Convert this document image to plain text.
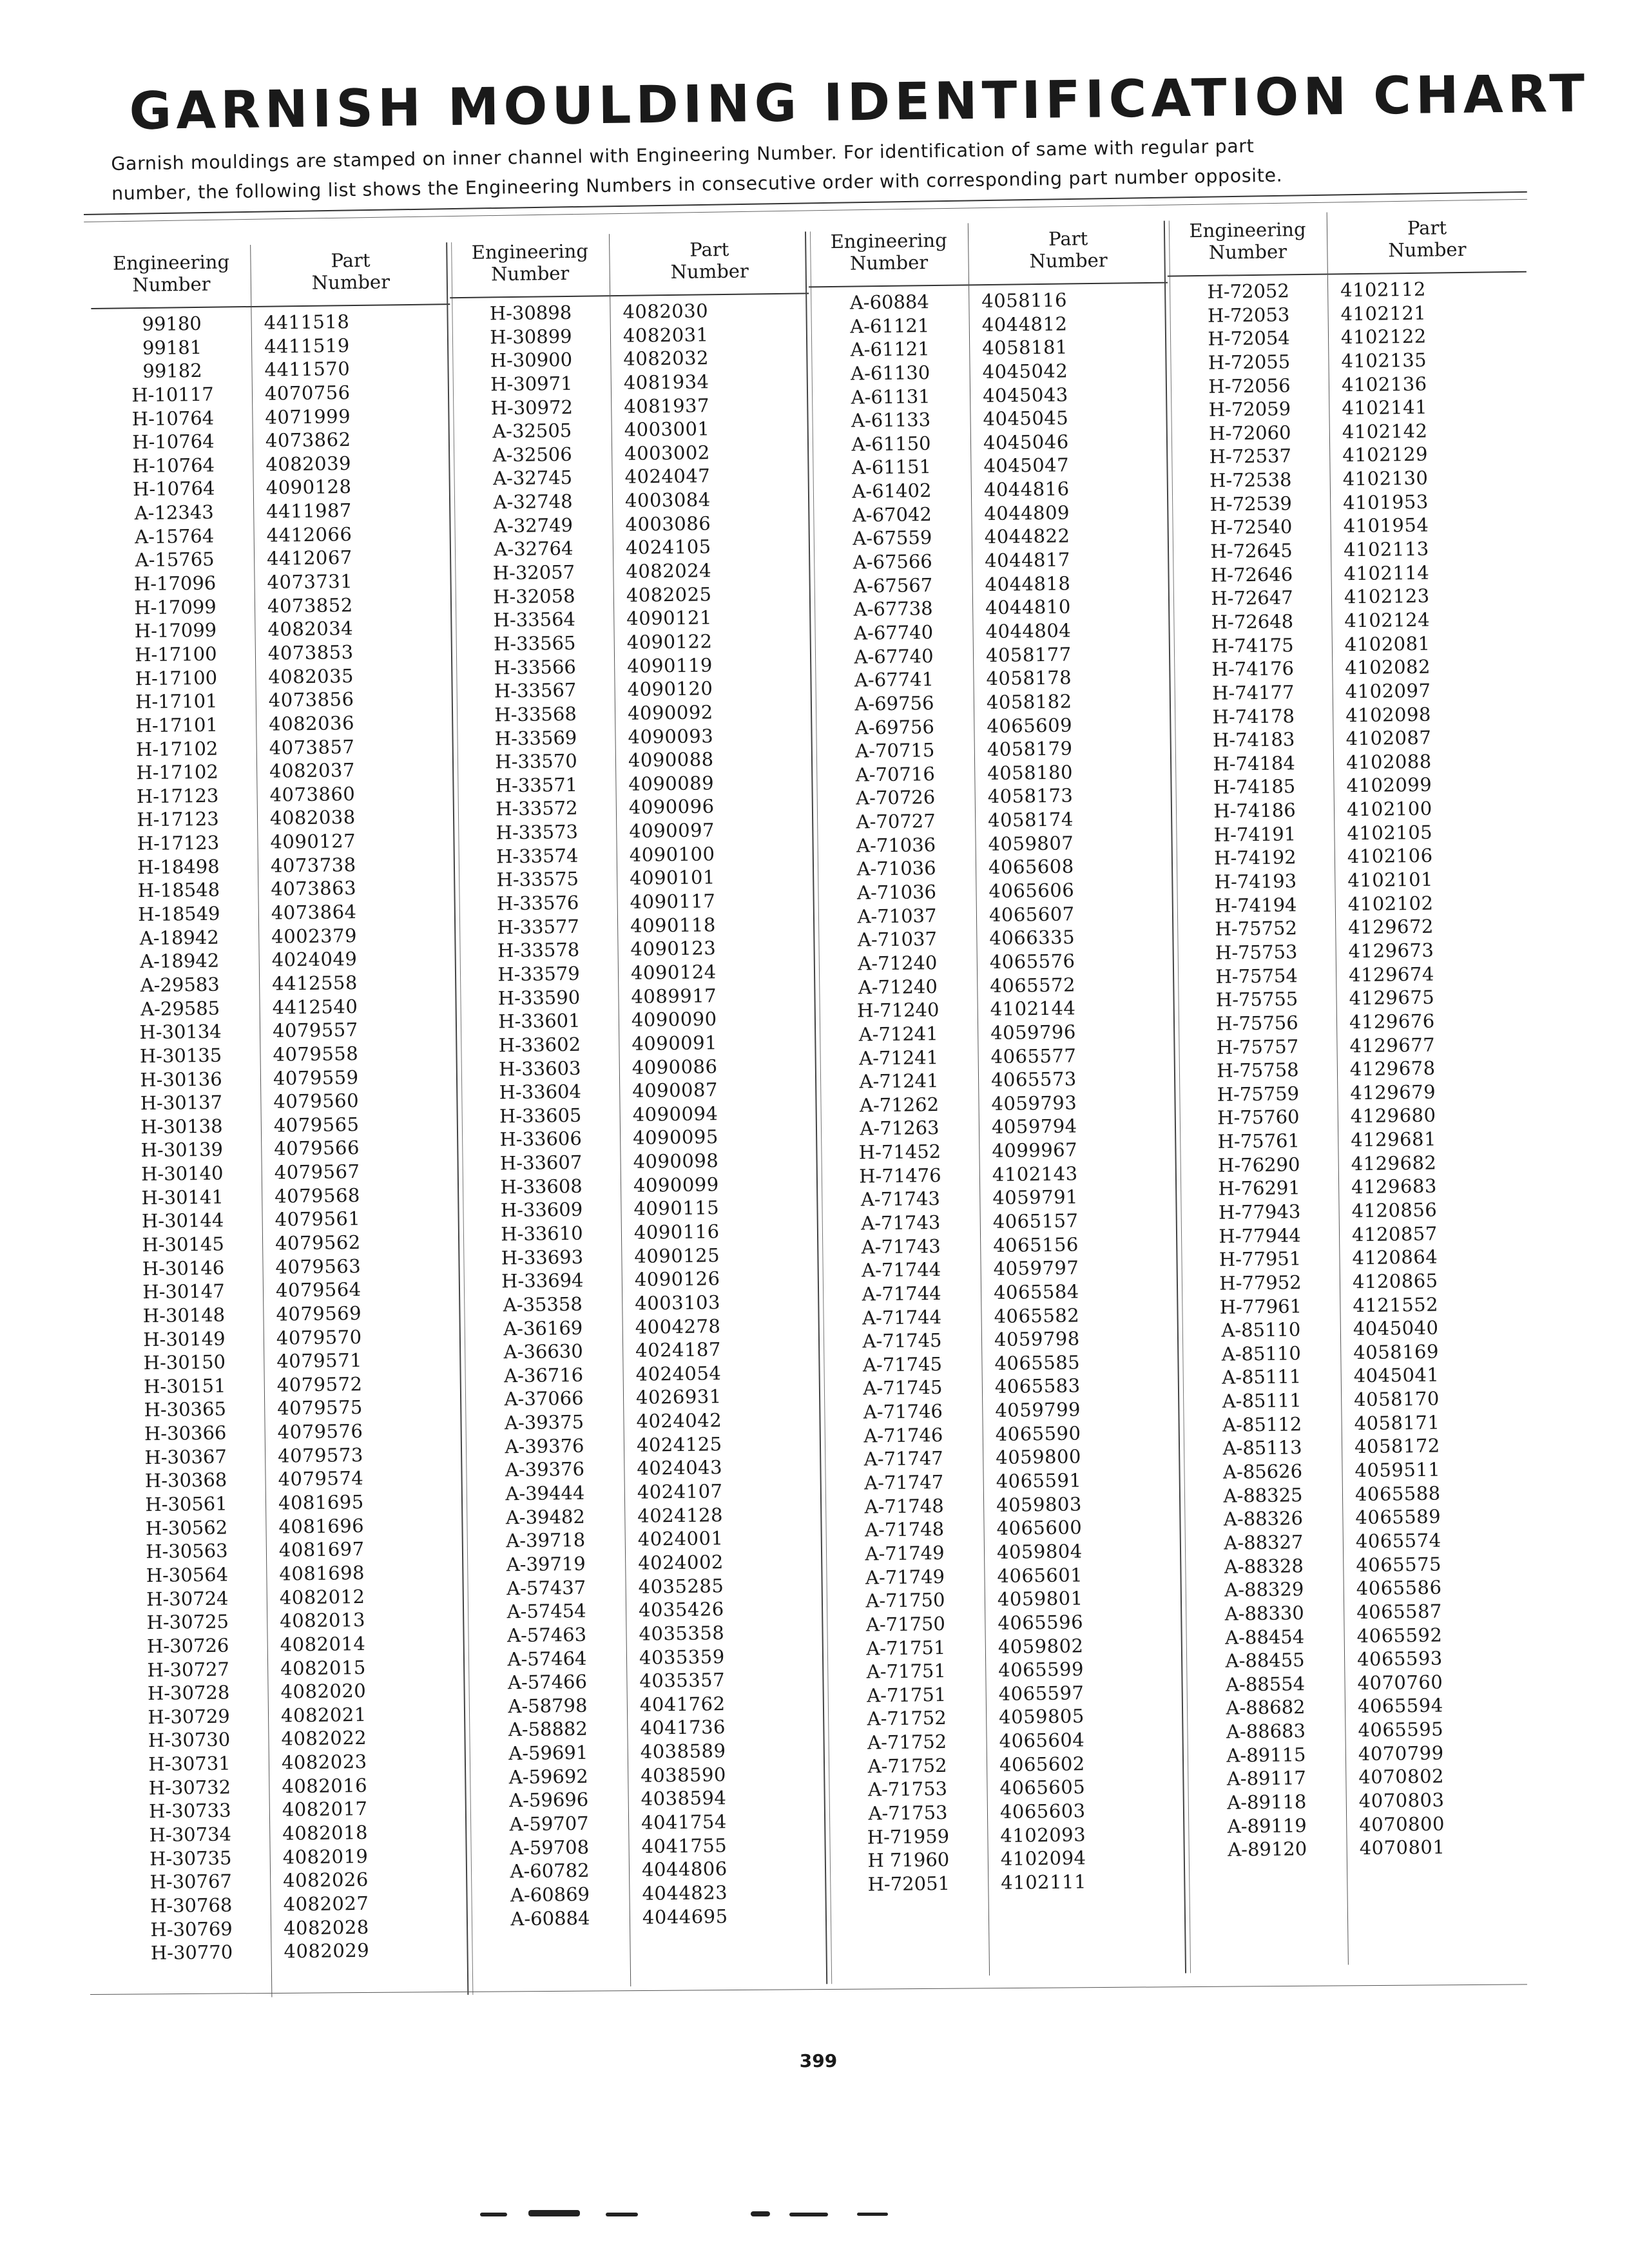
GARNISH MOULDING IDENTIFICATION CHART
Garnish mouldings are stamped on inner channel with Engineering Number. For identification of same with regular part
number, the following list shows the Engineering Numbers in consecutive order with corresponding part number opposite.
Engineering
Number
Part
Number
99180	4411518
99181	4411519
99182	4411570
H-10117	4070756
H-10764	4071999
H-10764	4073862
H-10764	4082039
H-10764	4090128
A-12343	4411987
A-15764	4412066
A-15765	4412067
H-17096	4073731
H-17099	4073852
H-17099	4082034
H-17100	4073853
H-17100	4082035
H-17101	4073856
H-17101	4082036
H-17102	4073857
H-17102	4082037
H-17123	4073860
H-17123	4082038
H-17123	4090127
H-18498	4073738
H-18548	4073863
H-18549	4073864
A-18942	4002379
A-18942	4024049
A-29583	4412558
A-29585	4412540
H-30134	4079557
H-30135	4079558
H-30136	4079559
H-30137	4079560
H-30138	4079565
H-30139	4079566
H-30140	4079567
H-30141	4079568
H-30144	4079561
H-30145	4079562
H-30146	4079563
H-30147	4079564
H-30148	4079569
H-30149	4079570
H-30150	4079571
H-30151	4079572
H-30365	4079575
H-30366	4079576
H-30367	4079573
H-30368	4079574
H-30561	4081695
H-30562	4081696
H-30563	4081697
H-30564	4081698
H-30724	4082012
H-30725	4082013
H-30726	4082014
H-30727	4082015
H-30728	4082020
H-30729	4082021
H-30730	4082022
H-30731	4082023
H-30732	4082016
H-30733	4082017
H-30734	4082018
H-30735	4082019
H-30767	4082026
H-30768	4082027
H-30769	4082028
H-30770	4082029
Engineering
Number
Part
Number
H-30898	4082030
H-30899	4082031
H-30900	4082032
H-30971	4081934
H-30972	4081937
A-32505	4003001
A-32506	4003002
A-32745	4024047
A-32748	4003084
A-32749	4003086
A-32764	4024105
H-32057	4082024
H-32058	4082025
H-33564	4090121
H-33565	4090122
H-33566	4090119
H-33567	4090120
H-33568	4090092
H-33569	4090093
H-33570	4090088
H-33571	4090089
H-33572	4090096
H-33573	4090097
H-33574	4090100
H-33575	4090101
H-33576	4090117
H-33577	4090118
H-33578	4090123
H-33579	4090124
H-33590	4089917
H-33601	4090090
H-33602	4090091
H-33603	4090086
H-33604	4090087
H-33605	4090094
H-33606	4090095
H-33607	4090098
H-33608	4090099
H-33609	4090115
H-33610	4090116
H-33693	4090125
H-33694	4090126
A-35358	4003103
A-36169	4004278
A-36630	4024187
A-36716	4024054
A-37066	4026931
A-39375	4024042
A-39376	4024125
A-39376	4024043
A-39444	4024107
A-39482	4024128
A-39718	4024001
A-39719	4024002
A-57437	4035285
A-57454	4035426
A-57463	4035358
A-57464	4035359
A-57466	4035357
A-58798	4041762
A-58882	4041736
A-59691	4038589
A-59692	4038590
A-59696	4038594
A-59707	4041754
A-59708	4041755
A-60782	4044806
A-60869	4044823
A-60884	4044695
Engineering
Number
Part
Number
A-60884	4058116
A-61121	4044812
A-61121	4058181
A-61130	4045042
A-61131	4045043
A-61133	4045045
A-61150	4045046
A-61151	4045047
A-61402	4044816
A-67042	4044809
A-67559	4044822
A-67566	4044817
A-67567	4044818
A-67738	4044810
A-67740	4044804
A-67740	4058177
A-67741	4058178
A-69756	4058182
A-69756	4065609
A-70715	4058179
A-70716	4058180
A-70726	4058173
A-70727	4058174
A-71036	4059807
A-71036	4065608
A-71036	4065606
A-71037	4065607
A-71037	4066335
A-71240	4065576
A-71240	4065572
H-71240	4102144
A-71241	4059796
A-71241	4065577
A-71241	4065573
A-71262	4059793
A-71263	4059794
H-71452	4099967
H-71476	4102143
A-71743	4059791
A-71743	4065157
A-71743	4065156
A-71744	4059797
A-71744	4065584
A-71744	4065582
A-71745	4059798
A-71745	4065585
A-71745	4065583
A-71746	4059799
A-71746	4065590
A-71747	4059800
A-71747	4065591
A-71748	4059803
A-71748	4065600
A-71749	4059804
A-71749	4065601
A-71750	4059801
A-71750	4065596
A-71751	4059802
A-71751	4065599
A-71751	4065597
A-71752	4059805
A-71752	4065604
A-71752	4065602
A-71753	4065605
A-71753	4065603
H-71959	4102093
H 71960	4102094
H-72051	4102111
Engineering
Number
Part
Number
H-72052	4102112
H-72053	4102121
H-72054	4102122
H-72055	4102135
H-72056	4102136
H-72059	4102141
H-72060	4102142
H-72537	4102129
H-72538	4102130
H-72539	4101953
H-72540	4101954
H-72645	4102113
H-72646	4102114
H-72647	4102123
H-72648	4102124
H-74175	4102081
H-74176	4102082
H-74177	4102097
H-74178	4102098
H-74183	4102087
H-74184	4102088
H-74185	4102099
H-74186	4102100
H-74191	4102105
H-74192	4102106
H-74193	4102101
H-74194	4102102
H-75752	4129672
H-75753	4129673
H-75754	4129674
H-75755	4129675
H-75756	4129676
H-75757	4129677
H-75758	4129678
H-75759	4129679
H-75760	4129680
H-75761	4129681
H-76290	4129682
H-76291	4129683
H-77943	4120856
H-77944	4120857
H-77951	4120864
H-77952	4120865
H-77961	4121552
A-85110	4045040
A-85110	4058169
A-85111	4045041
A-85111	4058170
A-85112	4058171
A-85113	4058172
A-85626	4059511
A-88325	4065588
A-88326	4065589
A-88327	4065574
A-88328	4065575
A-88329	4065586
A-88330	4065587
A-88454	4065592
A-88455	4065593
A-88554	4070760
A-88682	4065594
A-88683	4065595
A-89115	4070799
A-89117	4070802
A-89118	4070803
A-89119	4070800
A-89120	4070801
399
